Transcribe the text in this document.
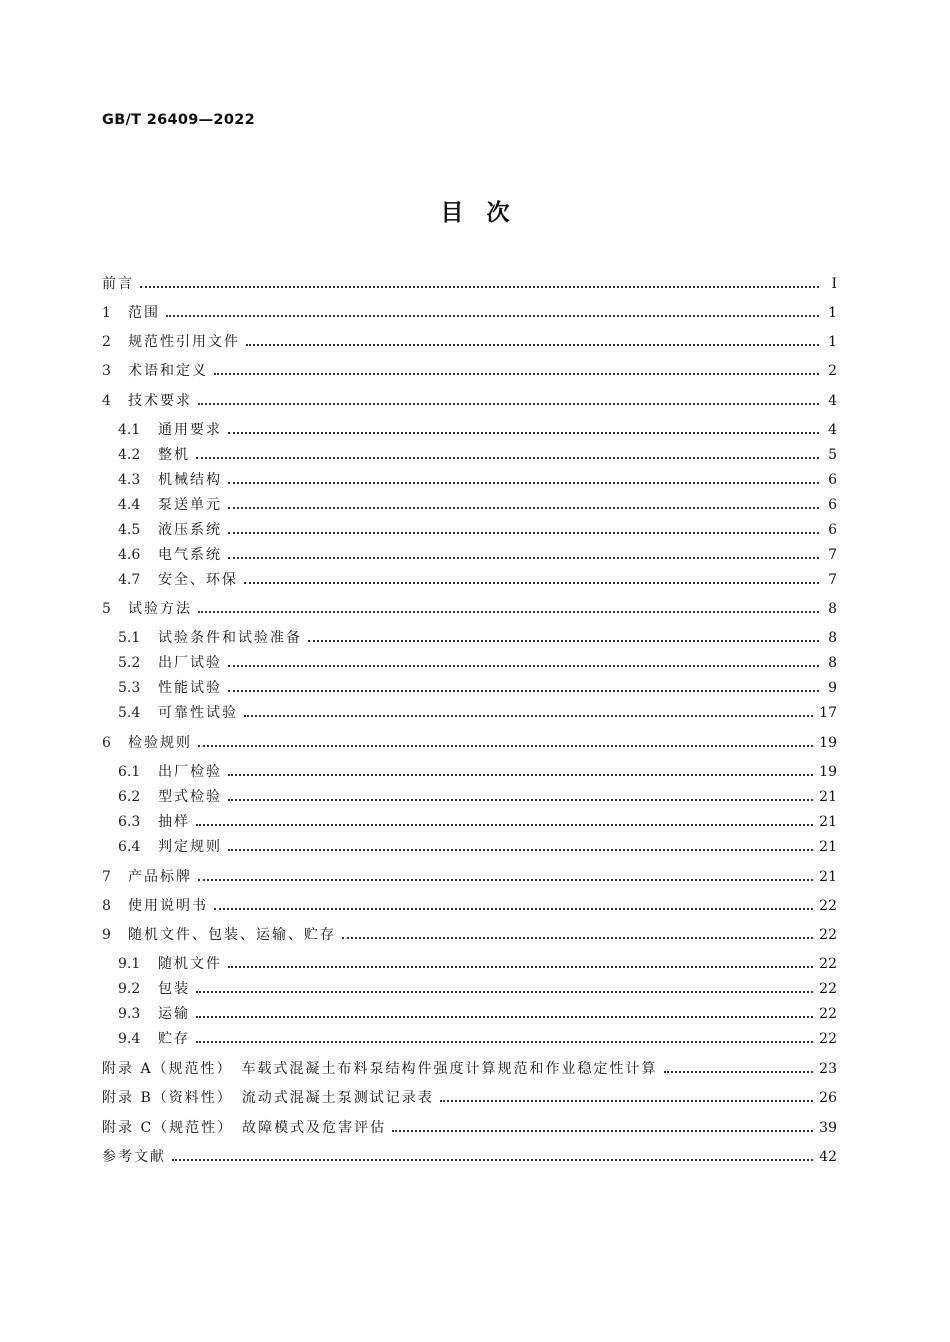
GB/T 26409—2022
目　次
前言	Ⅰ
1	范围	1
2	规范性引用文件	1
3	术语和定义	2
4	技术要求	4
4.1	通用要求	4
4.2	整机	5
4.3	机械结构	6
4.4	泵送单元	6
4.5	液压系统	6
4.6	电气系统	7
4.7	安全、环保	7
5	试验方法	8
5.1	试验条件和试验准备	8
5.2	出厂试验	8
5.3	性能试验	9
5.4	可靠性试验	17
6	检验规则	19
6.1	出厂检验	19
6.2	型式检验	21
6.3	抽样	21
6.4	判定规则	21
7	产品标牌	21
8	使用说明书	22
9	随机文件、包装、运输、贮存	22
9.1	随机文件	22
9.2	包装	22
9.3	运输	22
9.4	贮存	22
附录 A（规范性）　车载式混凝土布料泵结构件强度计算规范和作业稳定性计算	23
附录 B（资料性）　流动式混凝土泵测试记录表	26
附录 C（规范性）　故障模式及危害评估	39
参考文献	42
